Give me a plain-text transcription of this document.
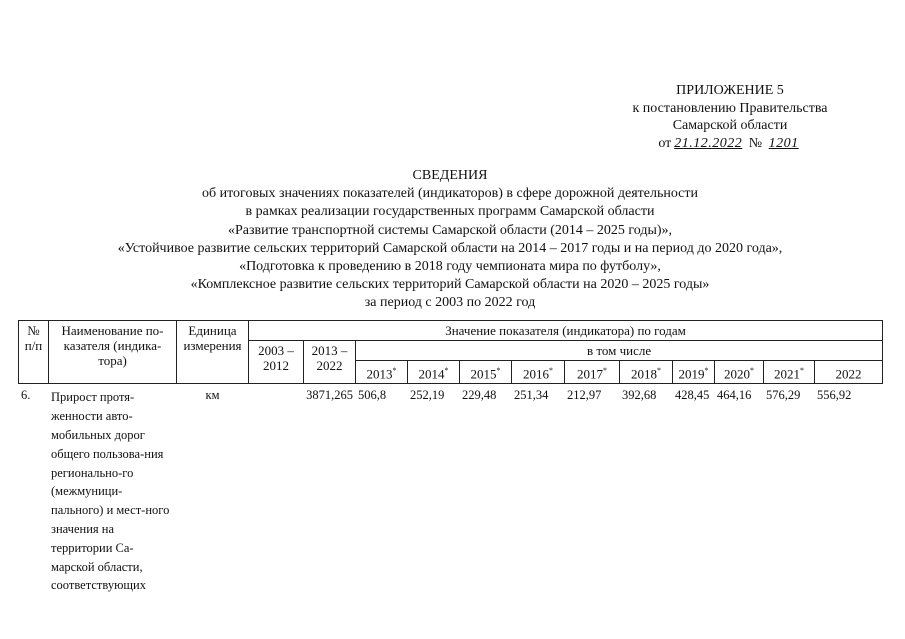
ПРИЛОЖЕНИЕ 5
к постановлению Правительства
Самарской области
от 21.12.2022 № 1201
СВЕДЕНИЯ
об итоговых значениях показателей (индикаторов) в сфере дорожной деятельности
в рамках реализации государственных программ Самарской области
«Развитие транспортной системы Самарской области (2014 – 2025 годы)»,
«Устойчивое развитие сельских территорий Самарской области на 2014 – 2017 годы и на период до 2020 года»,
«Подготовка к проведению в 2018 году чемпионата мира по футболу»,
«Комплексное развитие сельских территорий Самарской области на 2020 – 2025 годы»
за период с 2003 по 2022 год
№ п/п	Наименование по-казателя (индика-тора)	Единица измерения	Значение показателя (индикатора) по годам											
			2003 – 2012	2013 – 2022	в том числе									
					2013*	2014*	2015*	2016*	2017*	2018*	2019*	2020*	2021*	2022
6.	Прирост протя-женности авто-мобильных дорог общего пользова-ния регионально-го (межмуници-пального) и мест-ного значения на территории Са-марской области, соответствующих	км		3871,265	506,8	252,19	229,48	251,34	212,97	392,68	428,45	464,16	576,29	556,92
